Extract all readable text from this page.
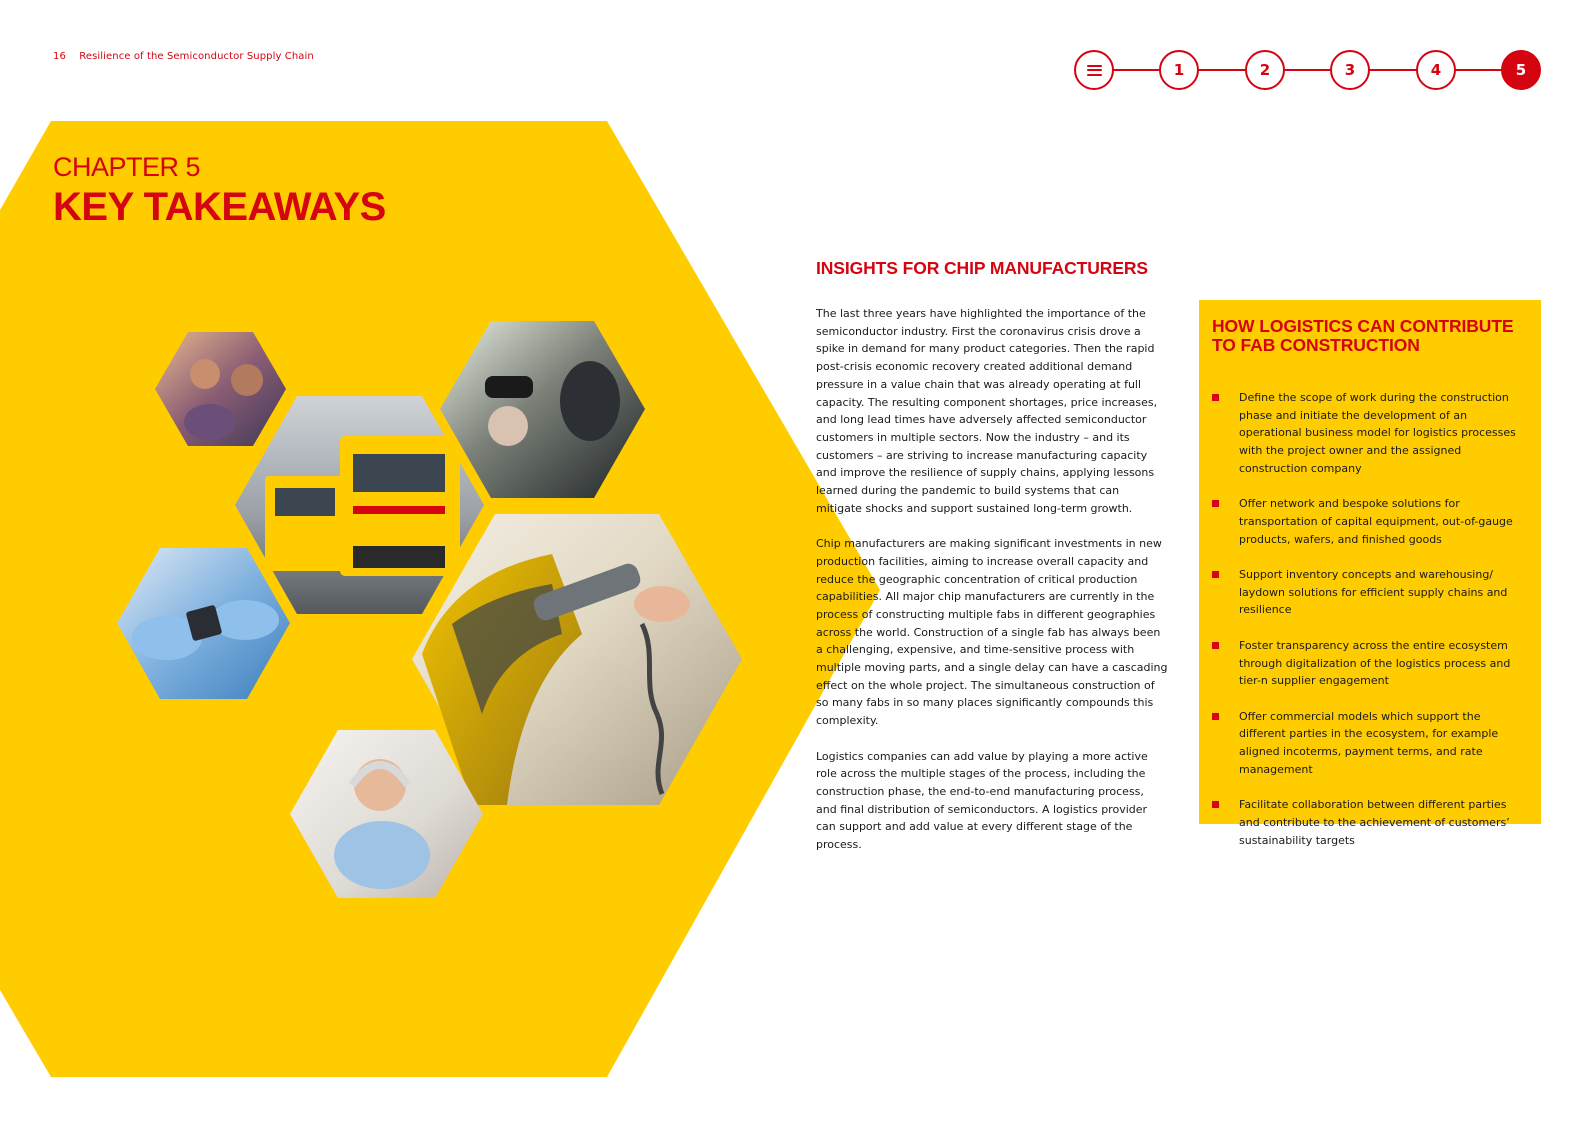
16 Resilience of the Semiconductor Supply Chain
1	2	3	4	5
CHAPTER 5
KEY TAKEAWAYS
INSIGHTS FOR CHIP MANUFACTURERS

The last three years have highlighted the importance of the semiconductor industry. First the coronavirus crisis drove a spike in demand for many product categories. Then the rapid post-crisis economic recovery created additional demand pressure in a value chain that was already operating at full capacity. The resulting component shortages, price increases, and long lead times have adversely affected semiconductor customers in multiple sectors. Now the industry – and its customers – are striving to increase manufacturing capacity and improve the resilience of supply chains, applying lessons learned during the pandemic to build systems that can mitigate shocks and support sustained long-term growth.

Chip manufacturers are making significant investments in new production facilities, aiming to increase overall capacity and reduce the geographic concentration of critical production capabilities. All major chip manufacturers are currently in the process of constructing multiple fabs in different geographies across the world. Construction of a single fab has always been a challenging, expensive, and time-sensitive process with multiple moving parts, and a single delay can have a cascading effect on the whole project. The simultaneous construction of so many fabs in so many places significantly compounds this complexity.

Logistics companies can add value by playing a more active role across the multiple stages of the process, including the construction phase, the end-to-end manufacturing process, and final distribution of semiconductors. A logistics provider can support and add value at every different stage of the process.

HOW LOGISTICS CAN CONTRIBUTE TO FAB CONSTRUCTION
Define the scope of work during the construction phase and initiate the development of an operational business model for logistics processes with the project owner and the assigned construction company
Offer network and bespoke solutions for transportation of capital equipment, out-of-gauge products, wafers, and finished goods
Support inventory concepts and warehousing/ laydown solutions for efficient supply chains and resilience
Foster transparency across the entire ecosystem through digitalization of the logistics process and tier-n supplier engagement
Offer commercial models which support the different parties in the ecosystem, for example aligned incoterms, payment terms, and rate management
Facilitate collaboration between different parties and contribute to the achievement of customers’ sustainability targets
